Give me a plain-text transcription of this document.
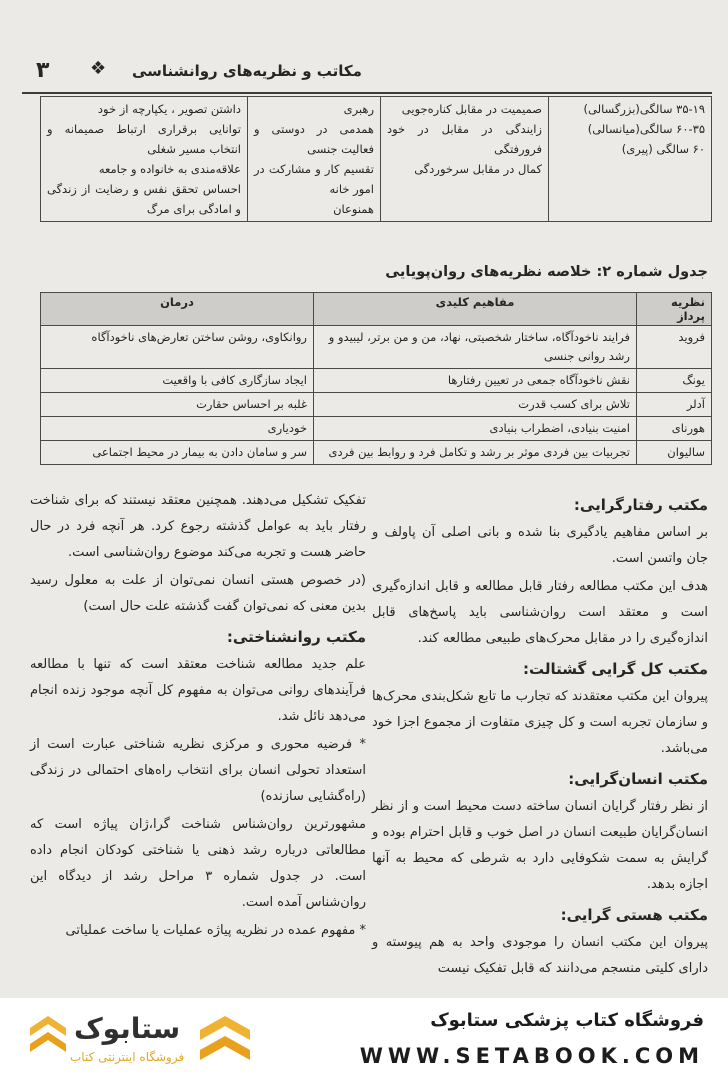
۳ ❖ مکاتب و نظریه‌های روانشناسی
۳۵-۱۹ سالگی(بزرگسالی)
۶۰-۳۵ سالگی(میانسالی)
۶۰ سالگی (پیری)

صمیمیت در مقابل کناره‌جویی
زایندگی در مقابل در خود فرورفتگی
کمال در مقابل سرخوردگی

رهبری
همدمی در دوستی و فعالیت جنسی
تقسیم کار و مشارکت در امور خانه
همنوعان

داشتن تصویر ، یکپارچه از خود
توانایی برقراری ارتباط صمیمانه و انتخاب مسیر شغلی
علاقه‌مندی به خانواده و جامعه
احساس تحقق نفس و رضایت از زندگی و امادگی برای مرگ
جدول شماره ۲: خلاصه نظریه‌های روان‌پویایی
نظریه پرداز	مفاهیم کلیدی	درمان
فروید	فرایند ناخودآگاه، ساختار شخصیتی، نهاد، من و من برتر، لیبیدو و رشد روانی جنسی	روانکاوی، روشن ساختن تعارض‌های ناخودآگاه
یونگ	نقش ناخودآگاه جمعی در تعیین رفتارها	ایجاد سازگاری کافی با واقعیت
آدلر	تلاش برای کسب قدرت	غلبه بر احساس حقارت
هورنای	امنیت بنیادی، اضطراب بنیادی	خودیاری
سالیوان	تجربیات بین فردی موثر بر رشد و تکامل فرد و روابط بین فردی	سر و سامان دادن به بیمار در محیط اجتماعی
مکتب رفتارگرایی:

بر اساس مفاهیم یادگیری بنا شده و بانی اصلی آن پاولف و جان واتسن است.

هدف این مکتب مطالعه رفتار قابل مطالعه و قابل اندازه‌گیری است و معتقد است روان‌شناسی باید پاسخ‌های قابل اندازه‌گیری را در مقابل محرک‌های طبیعی مطالعه کند.

مکتب کل گرایی گشتالت:

پیروان این مکتب معتقدند که تجارب ما تابع شکل‌بندی محرک‌ها و سازمان تجربه است و کل چیزی متفاوت از مجموع اجزا خود می‌باشد.

مکتب انسان‌گرایی:

از نظر رفتار گرایان انسان ساخته دست محیط است و از نظر انسان‌گرایان طبیعت انسان در اصل خوب و قابل احترام بوده و گرایش به سمت شکوفایی دارد به شرطی که محیط به آنها اجازه بدهد.

مکتب هستی گرایی:

پیروان این مکتب انسان را موجودی واحد به هم پیوسته و دارای کلیتی منسجم می‌دانند که قابل تفکیک نیست

تفکیک تشکیل می‌دهند. همچنین معتقد نیستند که برای شناخت رفتار باید به عوامل گذشته رجوع کرد. هر آنچه فرد در حال حاضر هست و تجربه می‌کند موضوع روان‌شناسی است.

(در خصوص هستی انسان نمی‌توان از علت به معلول رسید بدین معنی که نمی‌توان گفت گذشته علت حال است)

مکتب روانشناختی:

علم جدید مطالعه شناخت معتقد است که تنها با مطالعه فرآیندهای روانی می‌توان به مفهوم کل آنچه موجود زنده انجام می‌دهد نائل شد.

* فرضیه محوری و مرکزی نظریه شناختی عبارت است از استعداد تحولی انسان برای انتخاب راه‌های احتمالی در زندگی (راه‌گشایی سازنده)

مشهورترین روان‌شناس شناخت گرا،ژان پیاژه است که مطالعاتی درباره رشد ذهنی یا شناختی کودکان انجام داده است. در جدول شماره ۳ مراحل رشد از دیدگاه این روان‌شناس آمده است.

* مفهوم عمده در نظریه پیاژه عملیات یا ساخت عملیاتی

ستابوک
فروشگاه اینترنتی کتاب
فروشگاه کتاب پزشکی ستابوک
WWW.SETABOOK.COM
